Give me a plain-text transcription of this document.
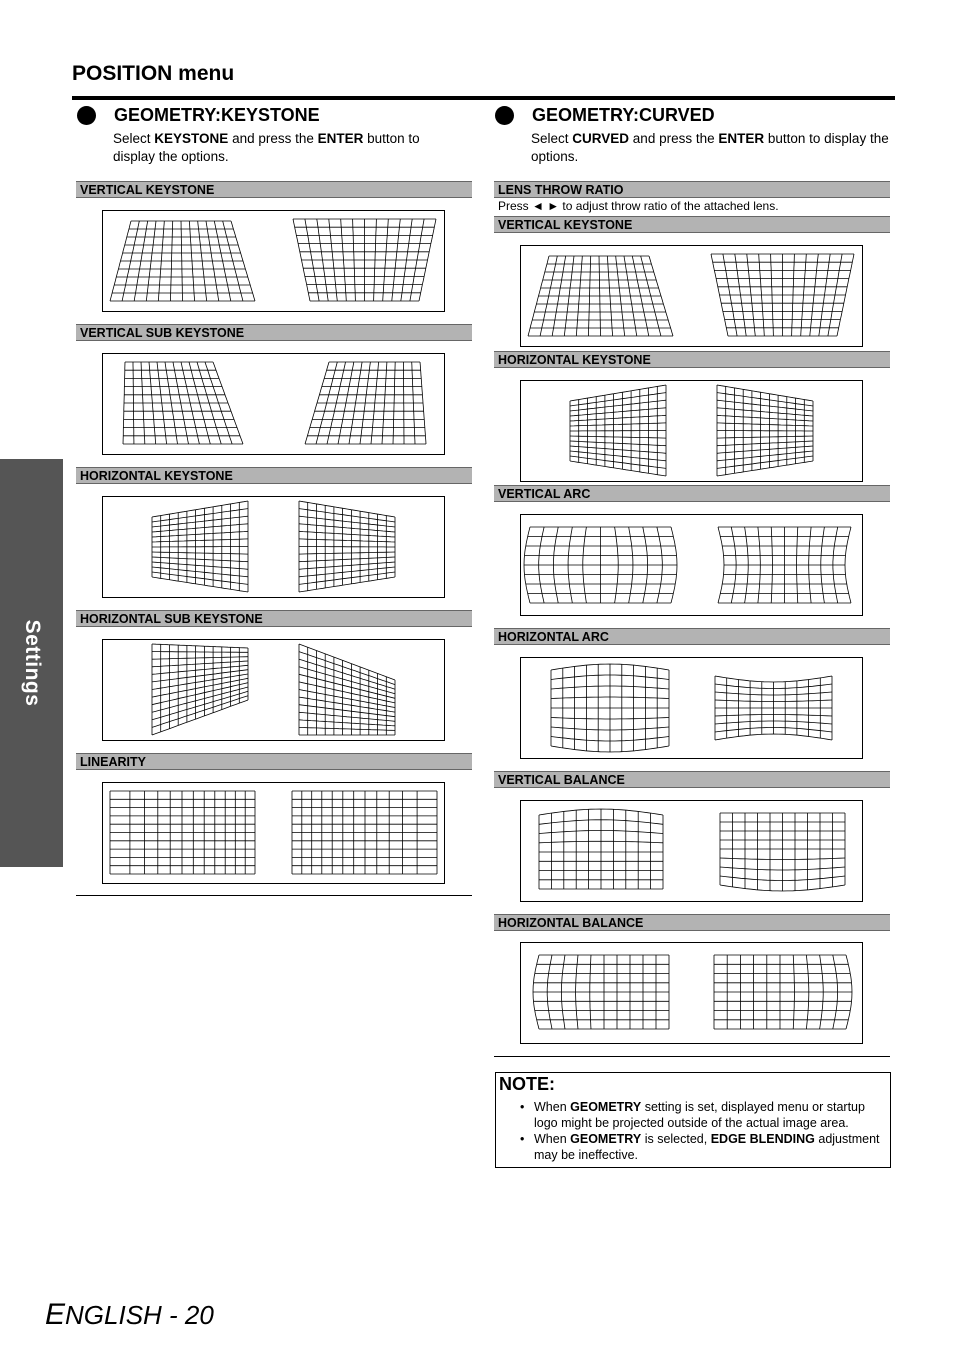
Settings
POSITION menu
GEOMETRY:KEYSTONE
Select KEYSTONE and press the ENTER button to display the options.
VERTICAL KEYSTONE
VERTICAL SUB KEYSTONE
HORIZONTAL KEYSTONE
HORIZONTAL SUB KEYSTONE
LINEARITY
GEOMETRY:CURVED
Select CURVED and press the ENTER button to display the options.
LENS THROW RATIO
Press ◄ ► to adjust throw ratio of the attached lens.
VERTICAL KEYSTONE
HORIZONTAL KEYSTONE
VERTICAL ARC
HORIZONTAL ARC
VERTICAL BALANCE
HORIZONTAL BALANCE
NOTE:
• When GEOMETRY setting is set, displayed menu or startup logo might be projected outside of the actual image area.
• When GEOMETRY is selected, EDGE BLENDING adjustment may be ineffective.
ENGLISH - 20
